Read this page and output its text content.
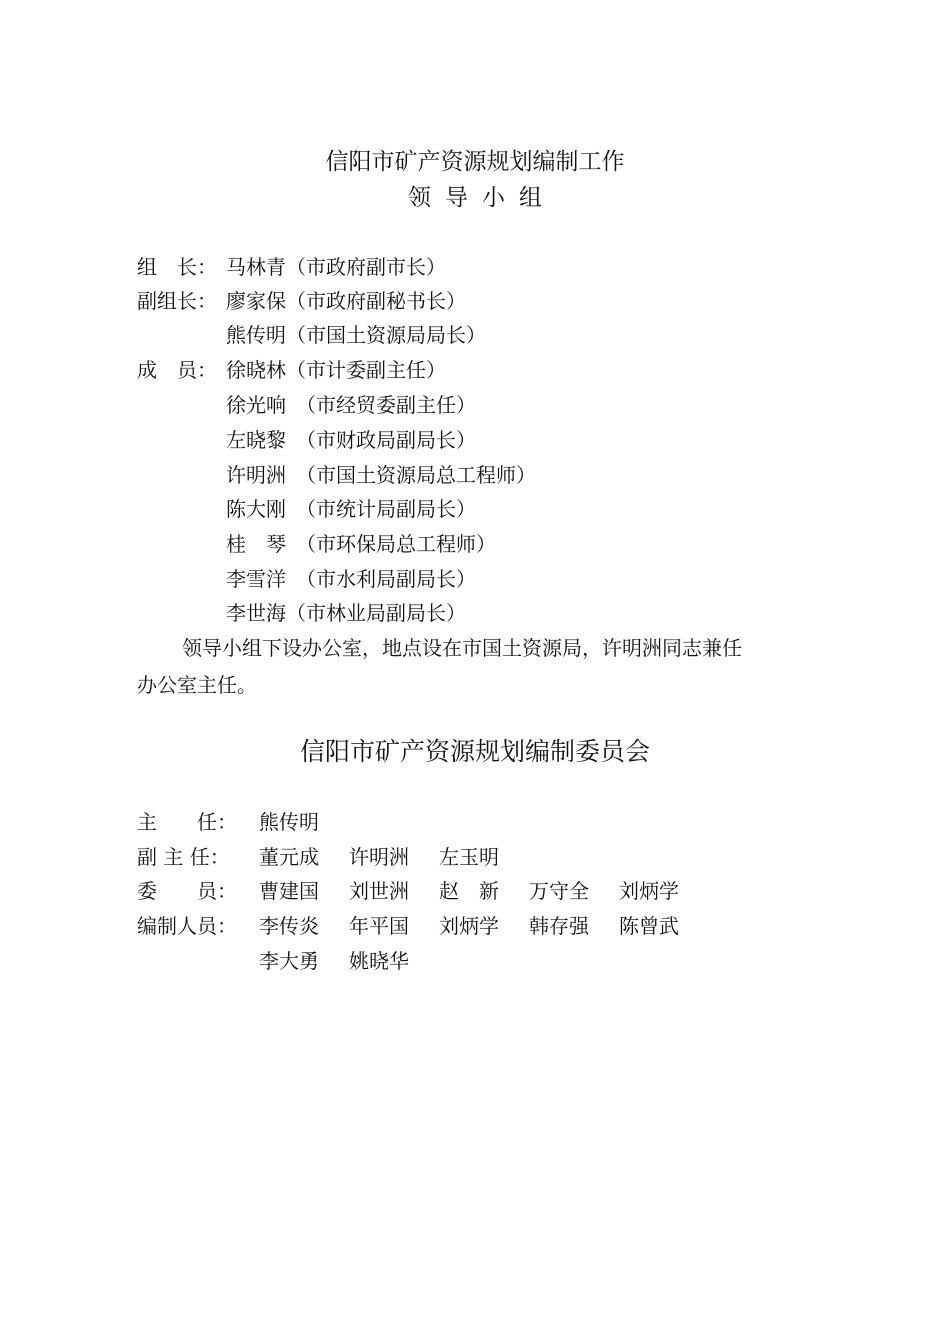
信阳市矿产资源规划编制工作
领导小组
组　长： 马林青（市政府副市长）
副组长： 廖家保（市政府副秘书长）
熊传明（市国土资源局局长）
成　员： 徐晓林（市计委副主任）
徐光响　（市经贸委副主任）
左晓黎　（市财政局副局长）
许明洲　（市国土资源局总工程师）
陈大刚　（市统计局副局长）
桂　琴　（市环保局总工程师）
李雪洋　（市水利局副局长）
李世海（市林业局副局长）
领导小组下设办公室，地点设在市国土资源局，许明洲同志兼任
办公室主任。
信阳市矿产资源规划编制委员会
主　　任： 熊传明
副 主 任： 董元成 许明洲 左玉明
委　　员： 曹建国 刘世洲 赵　新 万守全 刘炳学
编制人员： 李传炎 年平国 刘炳学 韩存强 陈曾武
李大勇 姚晓华
